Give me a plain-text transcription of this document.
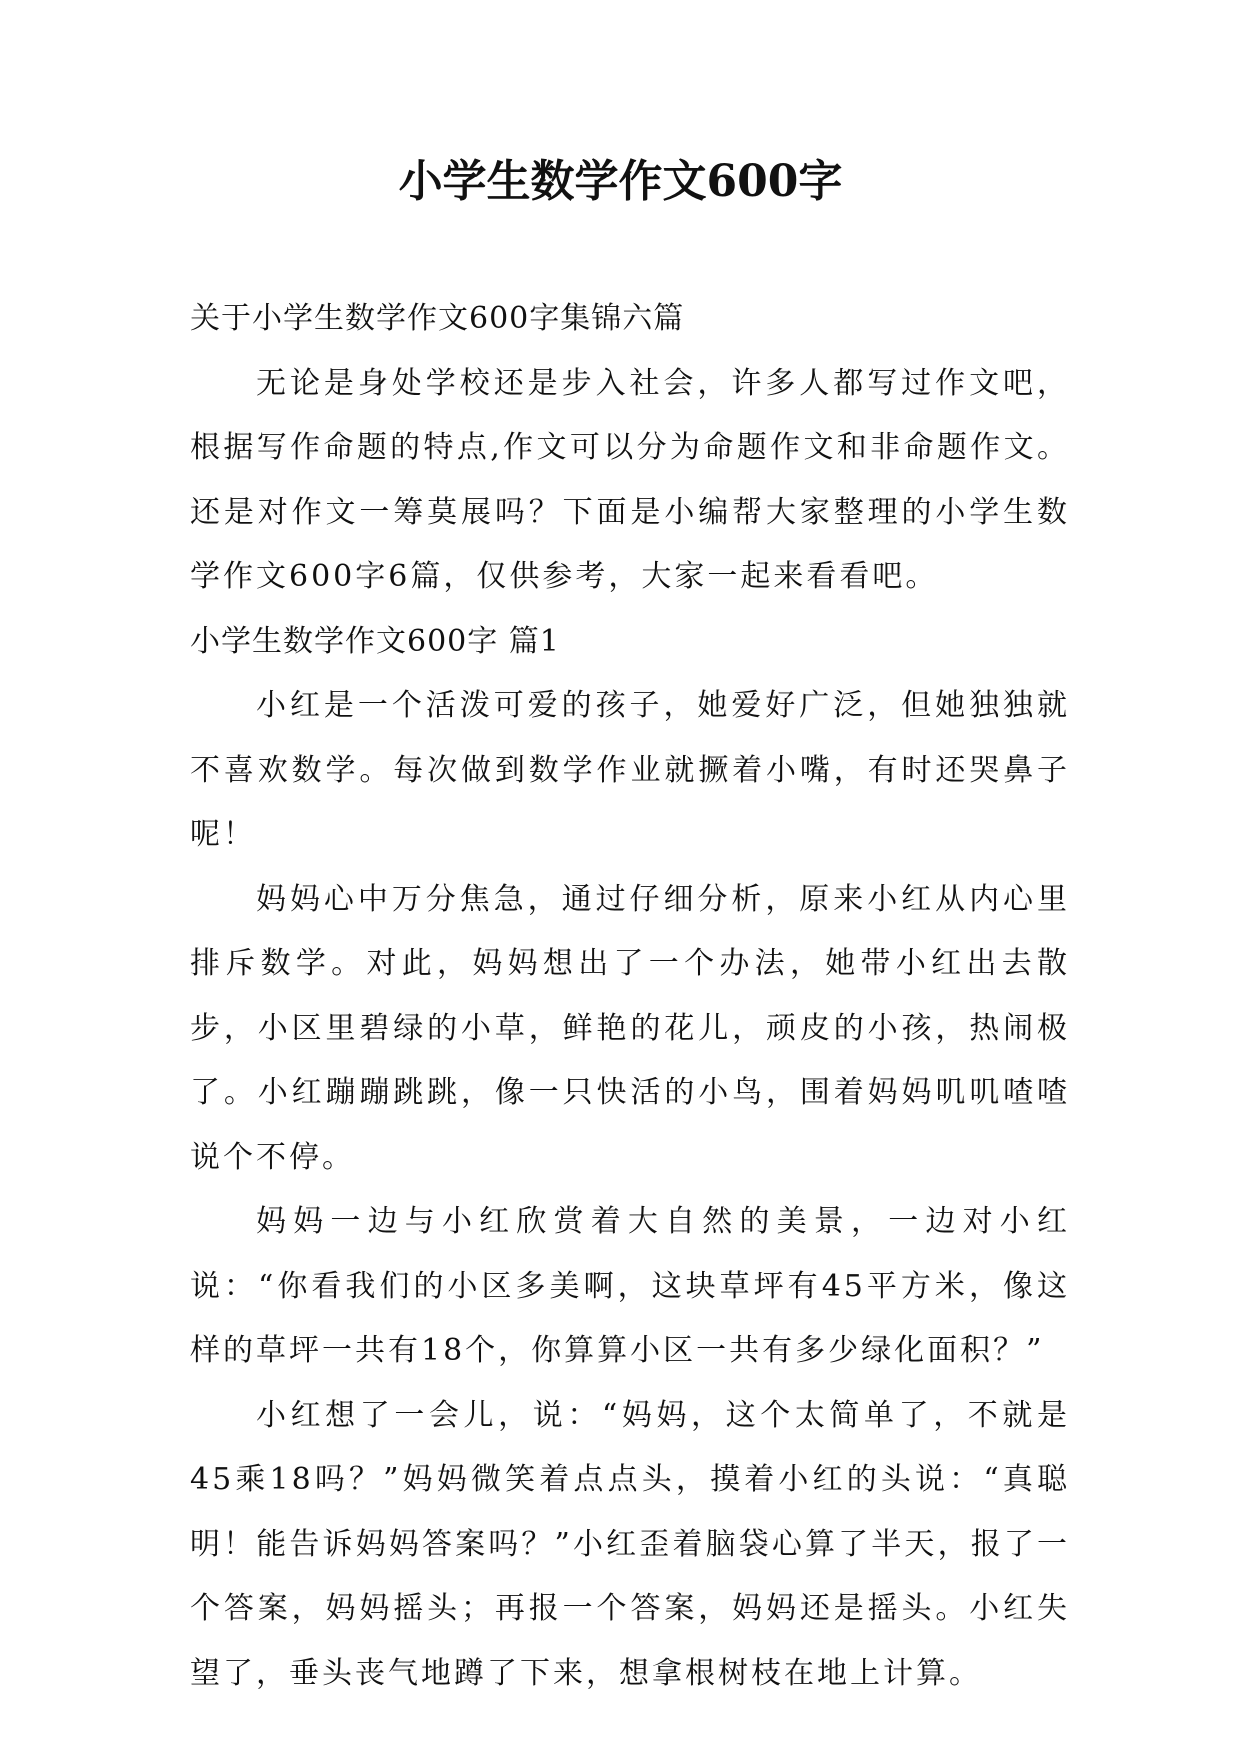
小学生数学作文600字

关于小学生数学作文600字集锦六篇

无论是身处学校还是步入社会，许多人都写过作文吧，根据写作命题的特点,作文可以分为命题作文和非命题作文。还是对作文一筹莫展吗？下面是小编帮大家整理的小学生数学作文600字6篇，仅供参考，大家一起来看看吧。

小学生数学作文600字 篇1

小红是一个活泼可爱的孩子，她爱好广泛，但她独独就不喜欢数学。每次做到数学作业就撅着小嘴，有时还哭鼻子呢！

妈妈心中万分焦急，通过仔细分析，原来小红从内心里排斥数学。对此，妈妈想出了一个办法，她带小红出去散步，小区里碧绿的小草，鲜艳的花儿，顽皮的小孩，热闹极了。小红蹦蹦跳跳，像一只快活的小鸟，围着妈妈叽叽喳喳说个不停。

妈妈一边与小红欣赏着大自然的美景，一边对小红说：“你看我们的小区多美啊，这块草坪有45平方米，像这样的草坪一共有18个，你算算小区一共有多少绿化面积？”

小红想了一会儿，说：“妈妈，这个太简单了，不就是45乘18吗？”妈妈微笑着点点头，摸着小红的头说：“真聪明！能告诉妈妈答案吗？”小红歪着脑袋心算了半天，报了一个答案，妈妈摇头；再报一个答案，妈妈还是摇头。小红失望了，垂头丧气地蹲了下来，想拿根树枝在地上计算。
